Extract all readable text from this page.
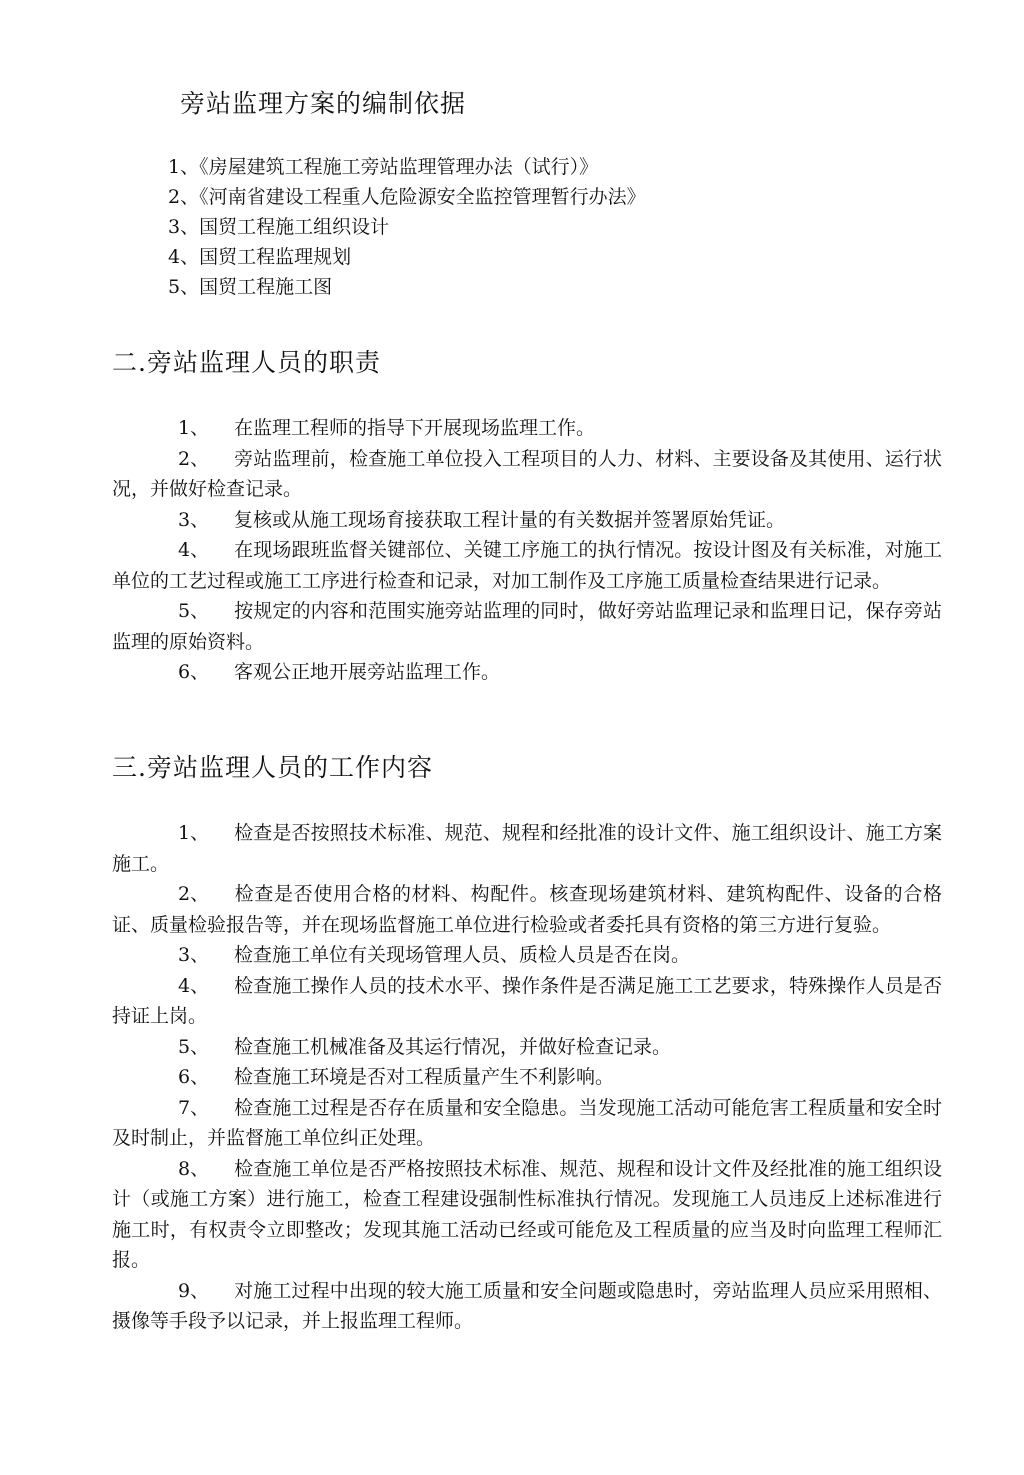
旁站监理方案的编制依据
1、《房屋建筑工程施工旁站监理管理办法（试行）》
2、《河南省建设工程重人危险源安全监控管理暂行办法》
3、国贸工程施工组织设计
4、国贸工程监理规划
5、国贸工程施工图
二.旁站监理人员的职责
1、 在监理工程师的指导下开展现场监理工作。
2、 旁站监理前，检查施工单位投入工程项目的人力、材料、主要设备及其使用、运行状况，并做好检查记录。
3、 复核或从施工现场育接获取工程计量的有关数据并签署原始凭证。
4、 在现场跟班监督关键部位、关键工序施工的执行情况。按设计图及有关标准，对施工单位的工艺过程或施工工序进行检查和记录，对加工制作及工序施工质量检查结果进行记录。
5、 按规定的内容和范围实施旁站监理的同时，做好旁站监理记录和监理日记，保存旁站监理的原始资料。
6、 客观公正地开展旁站监理工作。
三.旁站监理人员的工作内容
1、 检查是否按照技术标准、规范、规程和经批准的设计文件、施工组织设计、施工方案施工。
2、 检查是否使用合格的材料、构配件。核查现场建筑材料、建筑构配件、设备的合格证、质量检验报告等，并在现场监督施工单位进行检验或者委托具有资格的第三方进行复验。
3、 检查施工单位有关现场管理人员、质检人员是否在岗。
4、 检查施工操作人员的技术水平、操作条件是否满足施工工艺要求，特殊操作人员是否持证上岗。
5、 检查施工机械准备及其运行情况，并做好检查记录。
6、 检查施工环境是否对工程质量产生不利影响。
7、 检查施工过程是否存在质量和安全隐患。当发现施工活动可能危害工程质量和安全时及时制止，并监督施工单位纠正处理。
8、 检查施工单位是否严格按照技术标准、规范、规程和设计文件及经批准的施工组织设计（或施工方案）进行施工，检查工程建设强制性标准执行情况。发现施工人员违反上述标准进行施工时，有权责令立即整改；发现其施工活动已经或可能危及工程质量的应当及时向监理工程师汇报。
9、 对施工过程中出现的较大施工质量和安全问题或隐患时，旁站监理人员应采用照相、摄像等手段予以记录，并上报监理工程师。
